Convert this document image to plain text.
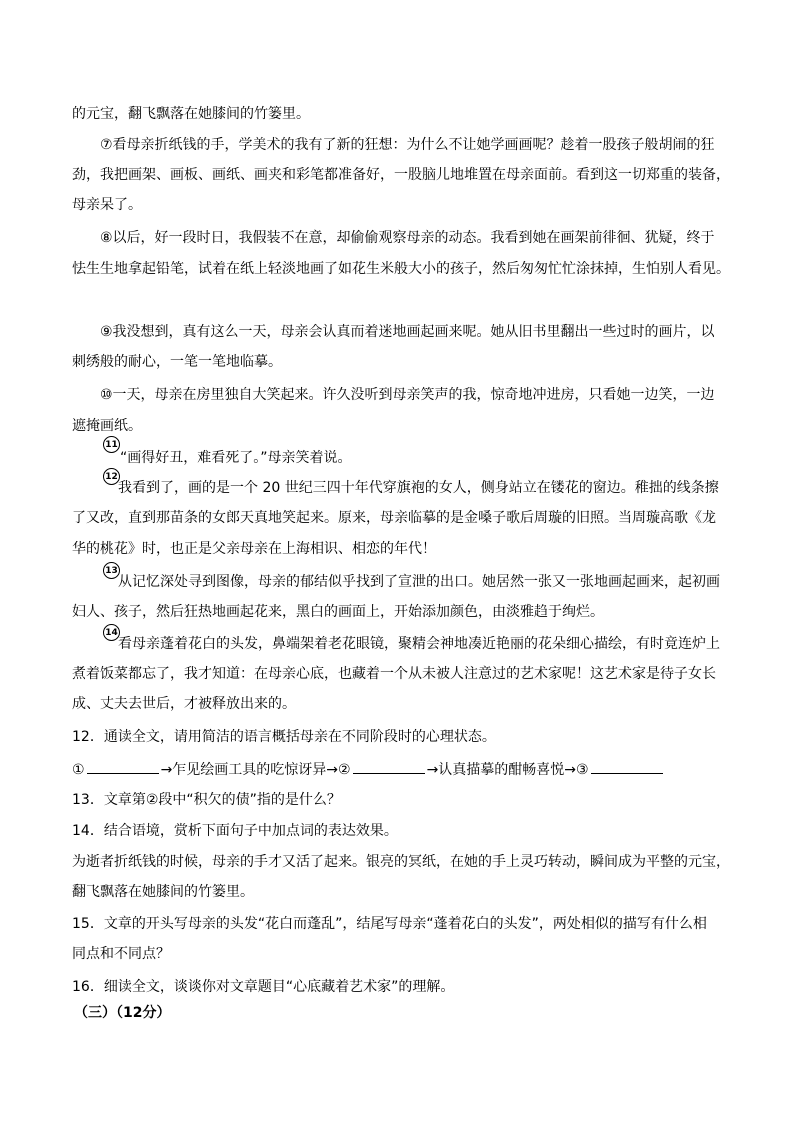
的元宝，翻飞飘落在她膝间的竹篓里。
⑦看母亲折纸钱的手，学美术的我有了新的狂想：为什么不让她学画画呢？趁着一股孩子般胡闹的狂
劲，我把画架、画板、画纸、画夹和彩笔都准备好，一股脑儿地堆置在母亲面前。看到这一切郑重的装备，
母亲呆了。
⑧以后，好一段时日，我假装不在意，却偷偷观察母亲的动态。我看到她在画架前徘徊、犹疑，终于
怯生生地拿起铅笔，试着在纸上轻淡地画了如花生米般大小的孩子，然后匆匆忙忙涂抹掉，生怕别人看见。
⑨我没想到，真有这么一天，母亲会认真而着迷地画起画来呢。她从旧书里翻出一些过时的画片，以
刺绣般的耐心，一笔一笔地临摹。
⑩一天，母亲在房里独自大笑起来。许久没听到母亲笑声的我，惊奇地冲进房，只看她一边笑，一边
遮掩画纸。
11
“画得好丑，难看死了。”母亲笑着说。
12
我看到了，画的是一个 20 世纪三四十年代穿旗袍的女人，侧身站立在镂花的窗边。稚拙的线条擦
了又改，直到那苗条的女郎天真地笑起来。原来，母亲临摹的是金嗓子歌后周璇的旧照。当周璇高歌《龙
华的桃花》时，也正是父亲母亲在上海相识、相恋的年代！
13
从记忆深处寻到图像，母亲的郁结似乎找到了宣泄的出口。她居然一张又一张地画起画来，起初画
妇人、孩子，然后狂热地画起花来，黑白的画面上，开始添加颜色，由淡雅趋于绚烂。
14
看母亲蓬着花白的头发，鼻端架着老花眼镜，聚精会神地凑近艳丽的花朵细心描绘，有时竟连炉上
煮着饭菜都忘了，我才知道：在母亲心底，也藏着一个从未被人注意过的艺术家呢！这艺术家是待子女长
成、丈夫去世后，才被释放出来的。
12．通读全文，请用简洁的语言概括母亲在不同阶段时的心理状态。
①	→乍见绘画工具的吃惊讶异→②	→认真描摹的酣畅喜悦→③
13．文章第②段中“积欠的债”指的是什么？
14．结合语境，赏析下面句子中加点词的表达效果。
为逝者折纸钱的时候，母亲的手才又活了起来。银亮的冥纸，在她的手上灵巧转动，瞬间成为平整的元宝，
翻飞飘落在她膝间的竹篓里。
15．文章的开头写母亲的头发“花白而蓬乱”，结尾写母亲“蓬着花白的头发”，两处相似的描写有什么相
同点和不同点？
16．细读全文，谈谈你对文章题目“心底藏着艺术家”的理解。
（三）（12分）
